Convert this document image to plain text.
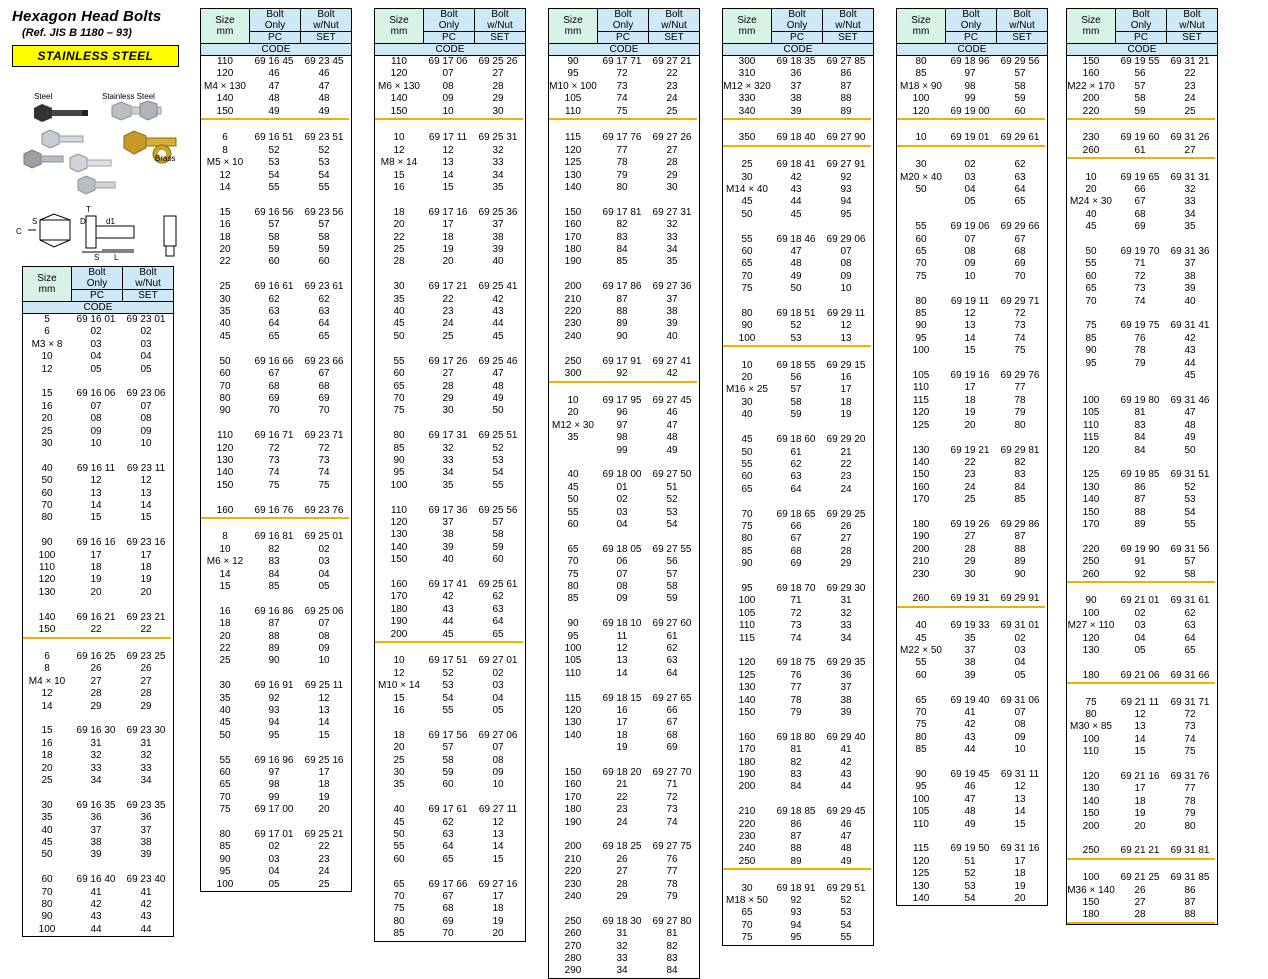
Hexagon Head Bolts
(Ref. JIS B 1180 – 93)
STAINLESS STEEL
Steel	Stainless Steel
Brass
C
S	D
T
d1
L
S
Size
mm
	Bolt
Only	Bolt
w/Nut
	PC	SET
CODE		
110	69 16 45	69 23 45
120	46	46
M4 × 130	47	47
140	48	48
150	49	49

6	69 16 51	69 23 51
8	52	52
M5 × 10	53	53
12	54	54
14	55	55

15	69 16 56	69 23 56
16	57	57
18	58	58
20	59	59
22	60	60

25	69 16 61	69 23 61
30	62	62
35	63	63
40	64	64
45	65	65

50	69 16 66	69 23 66
60	67	67
70	68	68
80	69	69
90	70	70

110	69 16 71	69 23 71
120	72	72
130	73	73
140	74	74
150	75	75

160	69 16 76	69 23 76

8	69 16 81	69 25 01
10	82	02
M6 × 12	83	03
14	84	04
15	85	05

16	69 16 86	69 25 06
18	87	07
20	88	08
22	89	09
25	90	10

30	69 16 91	69 25 11
35	92	12
40	93	13
45	94	14
50	95	15

55	69 16 96	69 25 16
60	97	17
65	98	18
70	99	19
75	69 17 00	20

80	69 17 01	69 25 21
85	02	22
90	03	23
95	04	24
100	05	25
Size
mm
	Bolt
Only	Bolt
w/Nut
	PC	SET
CODE		
110	69 17 06	69 25 26
120	07	27
M6 × 130	08	28
140	09	29
150	10	30

10	69 17 11	69 25 31
12	12	32
M8 × 14	13	33
15	14	34
16	15	35

18	69 17 16	69 25 36
20	17	37
22	18	38
25	19	39
28	20	40

30	69 17 21	69 25 41
35	22	42
40	23	43
45	24	44
50	25	45

55	69 17 26	69 25 46
60	27	47
65	28	48
70	29	49
75	30	50

80	69 17 31	69 25 51
85	32	52
90	33	53
95	34	54
100	35	55

110	69 17 36	69 25 56
120	37	57
130	38	58
140	39	59
150	40	60

160	69 17 41	69 25 61
170	42	62
180	43	63
190	44	64
200	45	65

10	69 17 51	69 27 01
12	52	02
M10 × 14	53	03
15	54	04
16	55	05

18	69 17 56	69 27 06
20	57	07
25	58	08
30	59	09
35	60	10

40	69 17 61	69 27 11
45	62	12
50	63	13
55	64	14
60	65	15

65	69 17 66	69 27 16
70	67	17
75	68	18
80	69	19
85	70	20
Size
mm
	Bolt
Only	Bolt
w/Nut
	PC	SET
CODE		
90	69 17 71	69 27 21
95	72	22
M10 × 100	73	23
105	74	24
110	75	25

115	69 17 76	69 27 26
120	77	27
125	78	28
130	79	29
140	80	30

150	69 17 81	69 27 31
160	82	32
170	83	33
180	84	34
190	85	35

200	69 17 86	69 27 36
210	87	37
220	88	38
230	89	39
240	90	40

250	69 17 91	69 27 41
300	92	42

10	69 17 95	69 27 45
20	96	46
M12 × 30	97	47
35	98	48
	99	49

40	69 18 00	69 27 50
45	01	51
50	02	52
55	03	53
60	04	54

65	69 18 05	69 27 55
70	06	56
75	07	57
80	08	58
85	09	59

90	69 18 10	69 27 60
95	11	61
100	12	62
105	13	63
110	14	64

115	69 18 15	69 27 65
120	16	66
130	17	67
140	18	68
	19	69

150	69 18 20	69 27 70
160	21	71
170	22	72
180	23	73
190	24	74

200	69 18 25	69 27 75
210	26	76
220	27	77
230	28	78
240	29	79

250	69 18 30	69 27 80
260	31	81
270	32	82
280	33	83
290	34	84
Size
mm
	Bolt
Only	Bolt
w/Nut
	PC	SET
CODE		
300	69 18 35	69 27 85
310	36	86
M12 × 320	37	87
330	38	88
340	39	89

350	69 18 40	69 27 90

25	69 18 41	69 27 91
30	42	92
M14 × 40	43	93
45	44	94
50	45	95

55	69 18 46	69 29 06
60	47	07
65	48	08
70	49	09
75	50	10

80	69 18 51	69 29 11
90	52	12
100	53	13

10	69 18 55	69 29 15
20	56	16
M16 × 25	57	17
30	58	18
40	59	19

45	69 18 60	69 29 20
50	61	21
55	62	22
60	63	23
65	64	24

70	69 18 65	69 29 25
75	66	26
80	67	27
85	68	28
90	69	29

95	69 18 70	69 29 30
100	71	31
105	72	32
110	73	33
115	74	34

120	69 18 75	69 29 35
125	76	36
130	77	37
140	78	38
150	79	39

160	69 18 80	69 29 40
170	81	41
180	82	42
190	83	43
200	84	44

210	69 18 85	69 29 45
220	86	46
230	87	47
240	88	48
250	89	49

30	69 18 91	69 29 51
M18 × 50	92	52
65	93	53
70	94	54
75	95	55
Size
mm
	Bolt
Only	Bolt
w/Nut
	PC	SET
CODE		
80	69 18 96	69 29 56
85	97	57
M18 × 90	98	58
100	99	59
120	69 19 00	60

10	69 19 01	69 29 61

30	02	62
M20 × 40	03	63
50	04	64
	05	65

55	69 19 06	69 29 66
60	07	67
65	08	68
70	09	69
75	10	70

80	69 19 11	69 29 71
85	12	72
90	13	73
95	14	74
100	15	75

105	69 19 16	69 29 76
110	17	77
115	18	78
120	19	79
125	20	80

130	69 19 21	69 29 81
140	22	82
150	23	83
160	24	84
170	25	85

180	69 19 26	69 29 86
190	27	87
200	28	88
210	29	89
230	30	90

260	69 19 31	69 29 91

40	69 19 33	69 31 01
45	35	02
M22 × 50	37	03
55	38	04
60	39	05

65	69 19 40	69 31 06
70	41	07
75	42	08
80	43	09
85	44	10

90	69 19 45	69 31 11
95	46	12
100	47	13
105	48	14
110	49	15

115	69 19 50	69 31 16
120	51	17
125	52	18
130	53	19
140	54	20
Size
mm
	Bolt
Only	Bolt
w/Nut
	PC	SET
CODE		
150	69 19 55	69 31 21
160	56	22
M22 × 170	57	23
200	58	24
220	59	25

230	69 19 60	69 31 26
260	61	27

10	69 19 65	69 31 31
20	66	32
M24 × 30	67	33
40	68	34
45	69	35

50	69 19 70	69 31 36
55	71	37
60	72	38
65	73	39
70	74	40

75	69 19 75	69 31 41
85	76	42
90	78	43
95	79	44
		45

100	69 19 80	69 31 46
105	81	47
110	83	48
115	84	49
120	84	50

125	69 19 85	69 31 51
130	86	52
140	87	53
150	88	54
170	89	55

220	69 19 90	69 31 56
250	91	57
260	92	58

90	69 21 01	69 31 61
100	02	62
M27 × 110	03	63
120	04	64
130	05	65

180	69 21 06	69 31 66

75	69 21 11	69 31 71
80	12	72
M30 × 85	13	73
100	14	74
110	15	75

120	69 21 16	69 31 76
130	17	77
140	18	78
150	19	79
200	20	80

250	69 21 21	69 31 81

100	69 21 25	69 31 85
M36 × 140	26	86
150	27	87
180	28	88
Size
mm
	Bolt
Only	Bolt
w/Nut
	PC	SET
CODE		
5	69 16 01	69 23 01
6	02	02
M3 × 8	03	03
10	04	04
12	05	05

15	69 16 06	69 23 06
16	07	07
20	08	08
25	09	09
30	10	10

40	69 16 11	69 23 11
50	12	12
60	13	13
70	14	14
80	15	15

90	69 16 16	69 23 16
100	17	17
110	18	18
120	19	19
130	20	20

140	69 16 21	69 23 21
150	22	22

6	69 16 25	69 23 25
8	26	26
M4 × 10	27	27
12	28	28
14	29	29

15	69 16 30	69 23 30
16	31	31
18	32	32
20	33	33
25	34	34

30	69 16 35	69 23 35
35	36	36
40	37	37
45	38	38
50	39	39

60	69 16 40	69 23 40
70	41	41
80	42	42
90	43	43
100	44	44
